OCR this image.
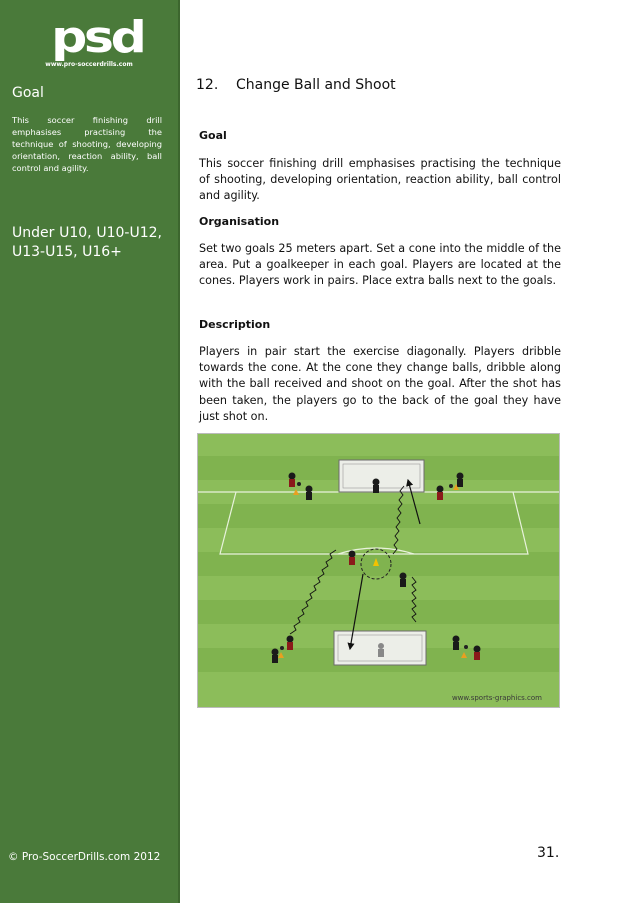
psd
www.pro-soccerdrills.com
Goal
This soccer finishing drill emphasises practising the technique of shooting, developing orientation, reaction ability, ball control and agility.
Under U10, U10-U12, U13-U15, U16+
© Pro-SoccerDrills.com 2012
12. Change Ball and Shoot
Goal
This soccer finishing drill emphasises practising the technique of shooting, developing orientation, reaction ability, ball control and agility.
Organisation
Set two goals 25 meters apart. Set a cone into the middle of the area. Put a goalkeeper in each goal. Players are located at the cones. Players work in pairs. Place extra balls next to the goals.
Description
Players in pair start the exercise diagonally. Players dribble towards the cone. At the cone they change balls, dribble along with the ball received and shoot on the goal. After the shot has been taken, the players go to the back of the goal they have just shot on.
www.sports-graphics.com
31.
